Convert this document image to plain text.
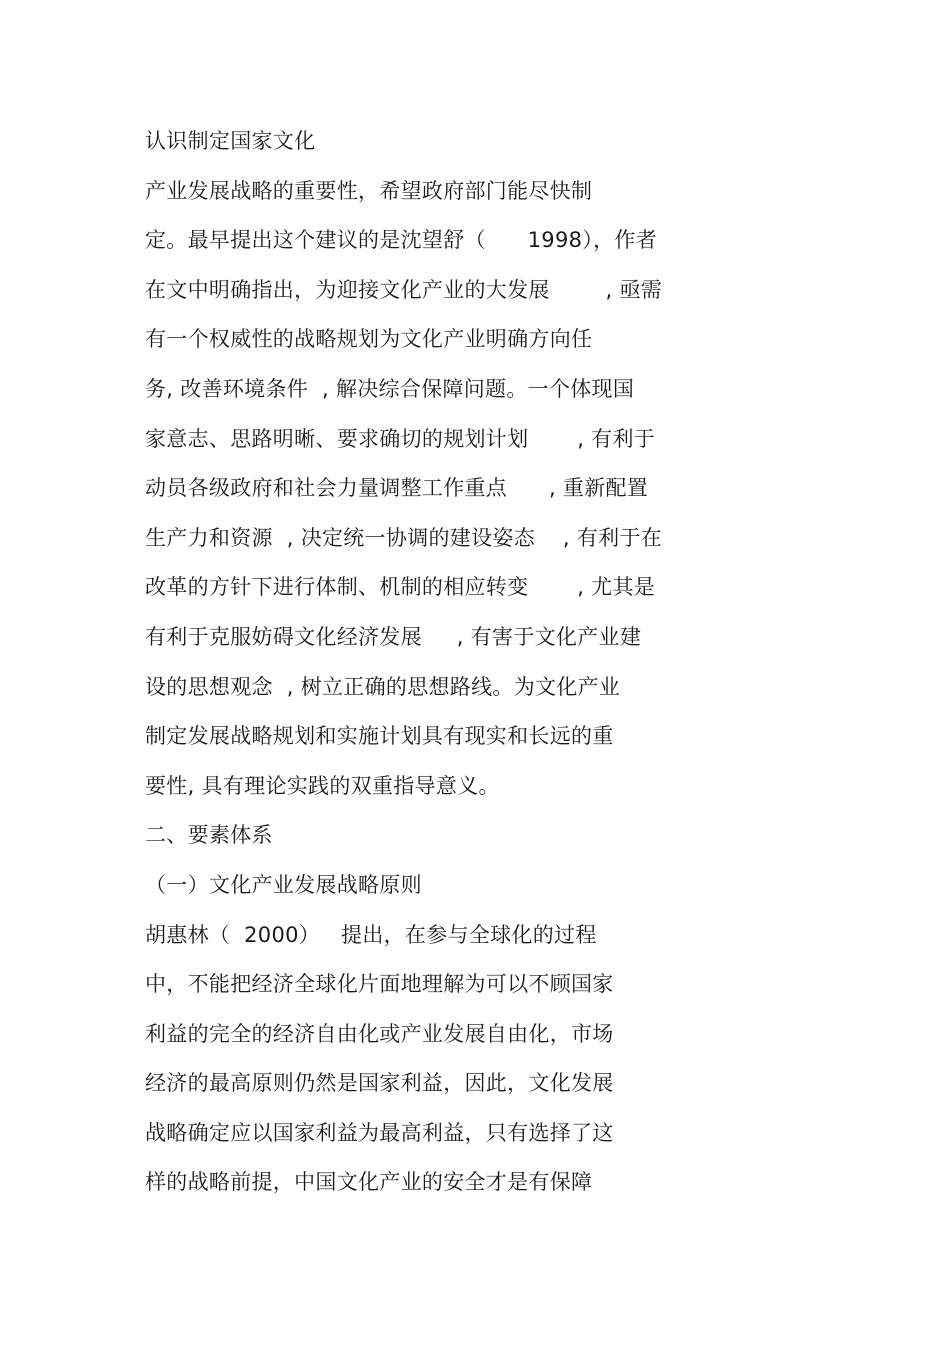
认识制定国家文化
产业发展战略的重要性，希望政府部门能尽快制
定。最早提出这个建议的是沈望舒（      1998），作者
在文中明确指出，为迎接文化产业的大发展        , 亟需
有一个权威性的战略规划为文化产业明确方向任
务, 改善环境条件  , 解决综合保障问题。一个体现国
家意志、思路明晰、要求确切的规划计划       , 有利于
动员各级政府和社会力量调整工作重点      , 重新配置
生产力和资源  , 决定统一协调的建设姿态    , 有利于在
改革的方针下进行体制、机制的相应转变       , 尤其是
有利于克服妨碍文化经济发展     , 有害于文化产业建
设的思想观念  , 树立正确的思想路线。为文化产业
制定发展战略规划和实施计划具有现实和长远的重
要性, 具有理论实践的双重指导意义。
二、要素体系
（一）文化产业发展战略原则
胡惠林（  2000）   提出，在参与全球化的过程
中，不能把经济全球化片面地理解为可以不顾国家
利益的完全的经济自由化或产业发展自由化，市场
经济的最高原则仍然是国家利益，因此，文化发展
战略确定应以国家利益为最高利益，只有选择了这
样的战略前提，中国文化产业的安全才是有保障
